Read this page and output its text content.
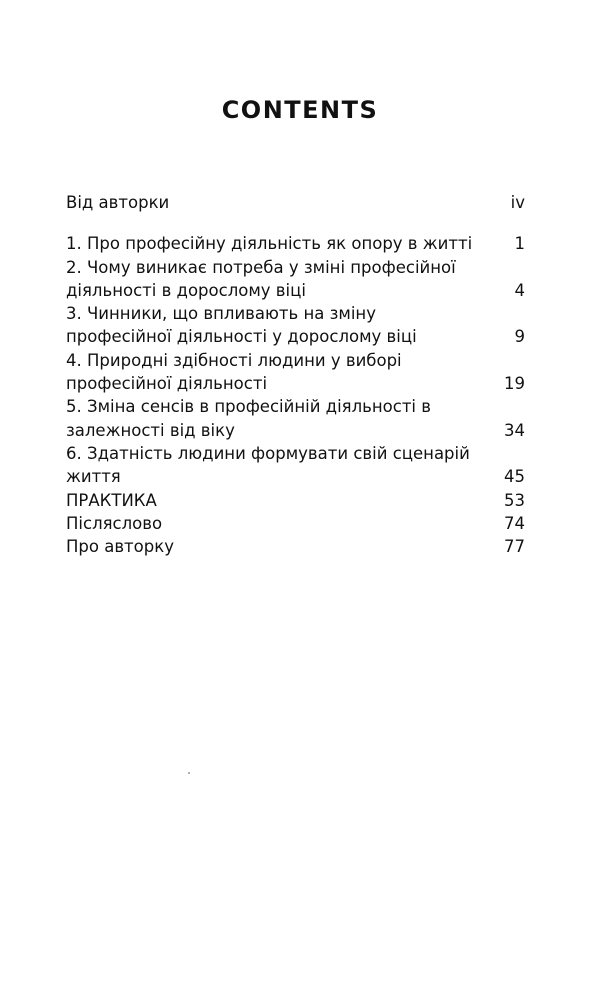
CONTENTS
Від авторки	iv
1. Про професійну діяльність як опору в житті	1
2. Чому виникає потреба у зміні професійної
діяльності в дорослому віці	4
3. Чинники, що впливають на зміну
професійної діяльності у дорослому віці	9
4. Природні здібності людини у виборі
професійної діяльності	19
5. Зміна сенсів в професійній діяльності в
залежності від віку	34
6. Здатність людини формувати свій сценарій
життя	45
ПРАКТИКА	53
Післяслово	74
Про авторку	77
